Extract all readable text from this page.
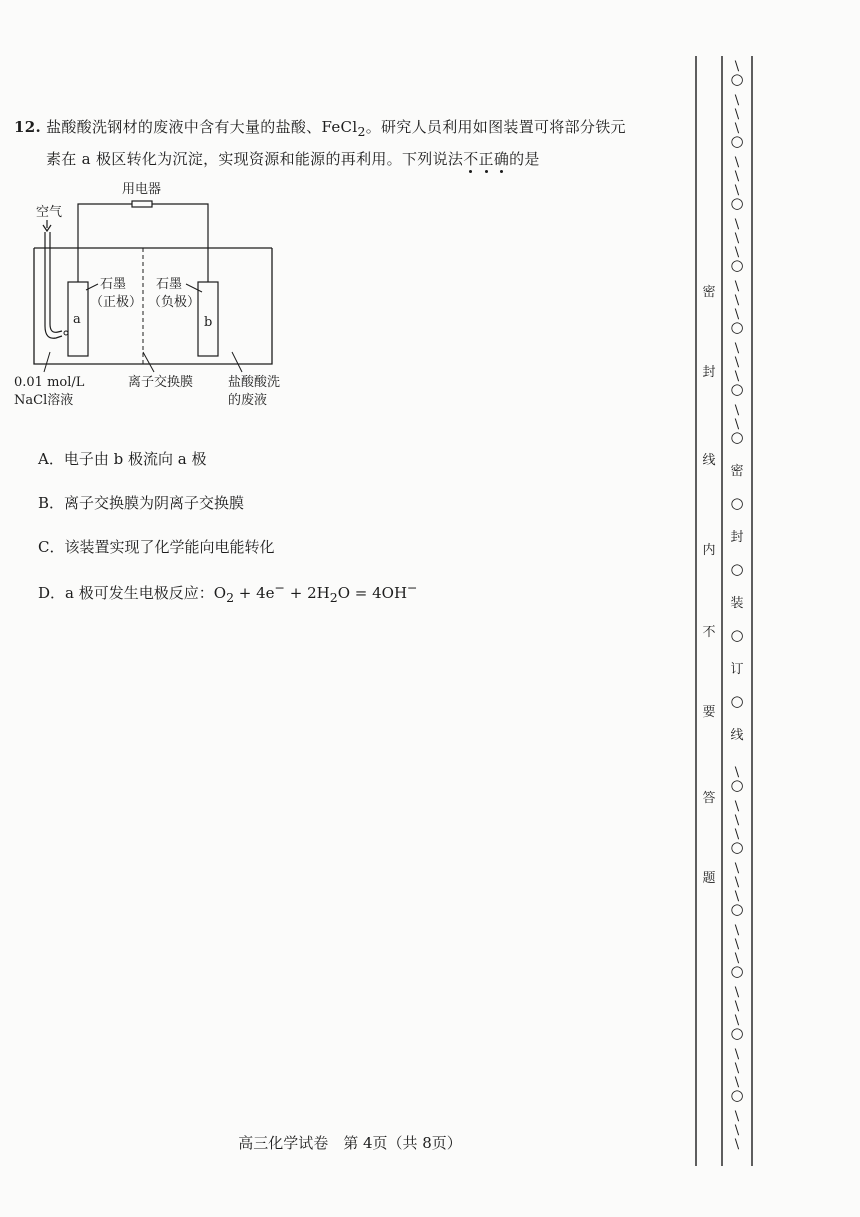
12. 盐酸酸洗钢材的废液中含有大量的盐酸、FeCl$_2$。研究人员利用如图装置可将部分铁元
素在 a 极区转化为沉淀，实现资源和能源的再利用。下列说法不正确的是
用电器
空气
a	b
石墨
（正极）
石墨
（负极）
0.01 mol/L
NaCl溶液
离子交换膜	盐酸酸洗
的废液
A．电子由 b 极流向 a 极
B．离子交换膜为阴离子交换膜
C．该装置实现了化学能向电能转化
D．a 极可发生电极反应：$O_2 + 4e^- + 2H_2O = 4OH^-$
高三化学试卷　第 4页（共 8页）
\
○
\
\
\
○
\
\
\
○
\
\
\
○
\
\
\
○
\
\
\
○
\
\
○
密
○
封
○
装
○
订
○
线
\
○
\
\
\
○
\
\
\
○
\
\
\
○
\
\
\
○
\
\
\
○
\
\
\
密
封
线
内
不
要
答
题
